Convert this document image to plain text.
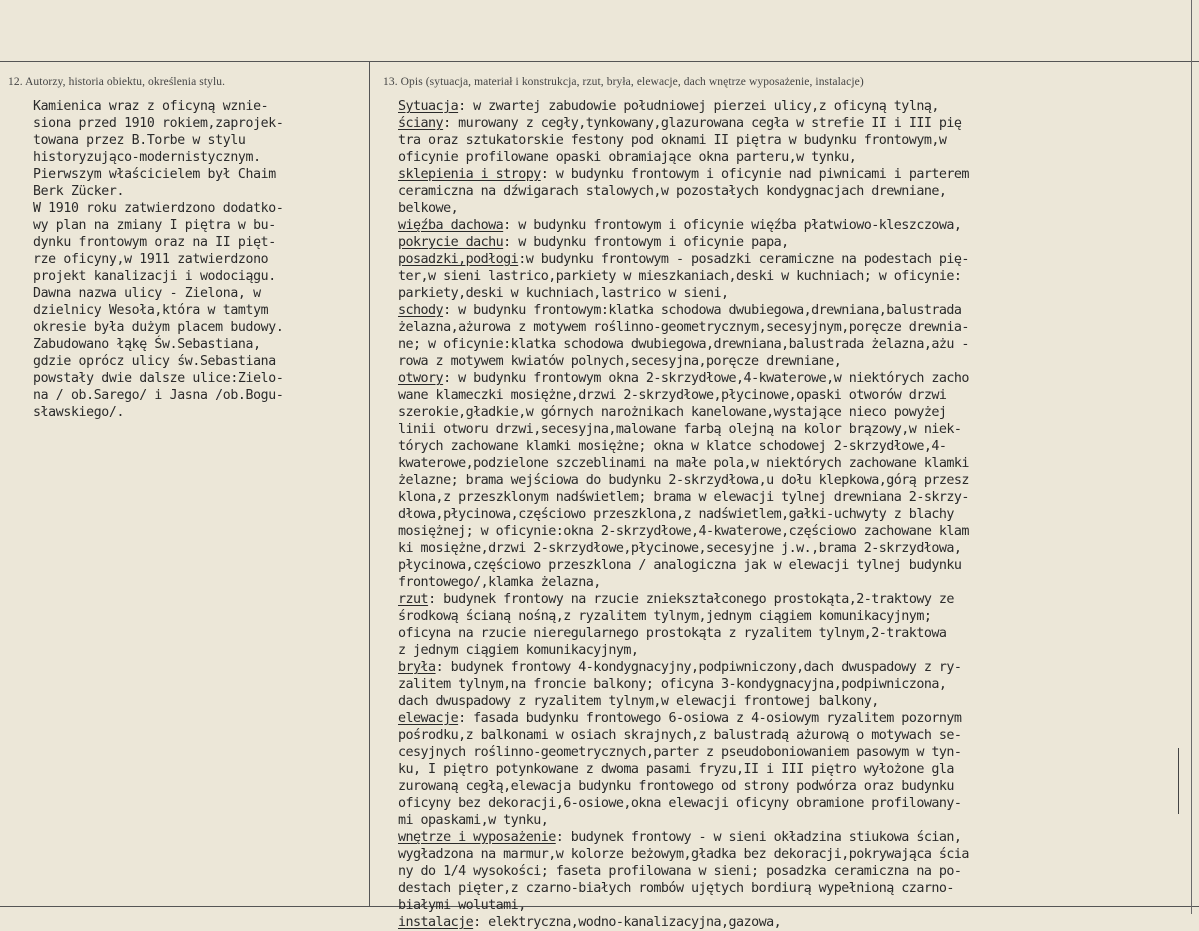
12. Autorzy, historia obiektu, określenia stylu.	13. Opis (sytuacja, materiał i konstrukcja, rzut, bryła, elewacje, dach wnętrze wyposażenie, instalacje)
Kamienica wraz z oficyną wznie-
siona przed 1910 rokiem,zaprojek-
towana przez B.Torbe w stylu
historyzująco-modernistycznym.
Pierwszym właścicielem był Chaim
Berk Zücker.
W 1910 roku zatwierdzono dodatko-
wy plan na zmiany I piętra w bu-
dynku frontowym oraz na II pięt-
rze oficyny,w 1911 zatwierdzono
projekt kanalizacji i wodociągu.
Dawna nazwa ulicy - Zielona, w
dzielnicy Wesoła,która w tamtym
okresie była dużym placem budowy.
Zabudowano łąkę Św.Sebastiana,
gdzie oprócz ulicy św.Sebastiana
powstały dwie dalsze ulice:Zielo-
na / ob.Sarego/ i Jasna /ob.Bogu-
sławskiego/.
Sytuacja: w zwartej zabudowie południowej pierzei ulicy,z oficyną tylną,
ściany: murowany z cegły,tynkowany,glazurowana cegła w strefie II i III pię
tra oraz sztukatorskie festony pod oknami II piętra w budynku frontowym,w
oficynie profilowane opaski obramiające okna parteru,w tynku,
sklepienia i stropy: w budynku frontowym i oficynie nad piwnicami i parterem
ceramiczna na dźwigarach stalowych,w pozostałych kondygnacjach drewniane,
belkowe,
więźba dachowa: w budynku frontowym i oficynie więźba płatwiowo-kleszczowa,
pokrycie dachu: w budynku frontowym i oficynie papa,
posadzki,podłogi:w budynku frontowym - posadzki ceramiczne na podestach pię-
ter,w sieni lastrico,parkiety w mieszkaniach,deski w kuchniach; w oficynie:
parkiety,deski w kuchniach,lastrico w sieni,
schody: w budynku frontowym:klatka schodowa dwubiegowa,drewniana,balustrada
żelazna,ażurowa z motywem roślinno-geometrycznym,secesyjnym,poręcze drewnia-
ne; w oficynie:klatka schodowa dwubiegowa,drewniana,balustrada żelazna,ażu -
rowa z motywem kwiatów polnych,secesyjna,poręcze drewniane,
otwory: w budynku frontowym okna 2-skrzydłowe,4-kwaterowe,w niektórych zacho
wane klameczki mosiężne,drzwi 2-skrzydłowe,płycinowe,opaski otworów drzwi
szerokie,gładkie,w górnych narożnikach kanelowane,wystające nieco powyżej
linii otworu drzwi,secesyjna,malowane farbą olejną na kolor brązowy,w niek-
tórych zachowane klamki mosiężne; okna w klatce schodowej 2-skrzydłowe,4-
kwaterowe,podzielone szczeblinami na małe pola,w niektórych zachowane klamki
żelazne; brama wejściowa do budynku 2-skrzydłowa,u dołu klepkowa,górą przesz
klona,z przeszklonym nadświetlem; brama w elewacji tylnej drewniana 2-skrzy-
dłowa,płycinowa,częściowo przeszklona,z nadświetlem,gałki-uchwyty z blachy
mosiężnej; w oficynie:okna 2-skrzydłowe,4-kwaterowe,częściowo zachowane klam
ki mosiężne,drzwi 2-skrzydłowe,płycinowe,secesyjne j.w.,brama 2-skrzydłowa,
płycinowa,częściowo przeszklona / analogiczna jak w elewacji tylnej budynku
frontowego/,klamka żelazna,
rzut: budynek frontowy na rzucie zniekształconego prostokąta,2-traktowy ze
środkową ścianą nośną,z ryzalitem tylnym,jednym ciągiem komunikacyjnym;
oficyna na rzucie nieregularnego prostokąta z ryzalitem tylnym,2-traktowa
z jednym ciągiem komunikacyjnym,
bryła: budynek frontowy 4-kondygnacyjny,podpiwniczony,dach dwuspadowy z ry-
zalitem tylnym,na froncie balkony; oficyna 3-kondygnacyjna,podpiwniczona,
dach dwuspadowy z ryzalitem tylnym,w elewacji frontowej balkony,
elewacje: fasada budynku frontowego 6-osiowa z 4-osiowym ryzalitem pozornym
pośrodku,z balkonami w osiach skrajnych,z balustradą ażurową o motywach se-
cesyjnych roślinno-geometrycznych,parter z pseudoboniowaniem pasowym w tyn-
ku, I piętro potynkowane z dwoma pasami fryzu,II i III piętro wyłożone gla
zurowaną cegłą,elewacja budynku frontowego od strony podwórza oraz budynku
oficyny bez dekoracji,6-osiowe,okna elewacji oficyny obramione profilowany-
mi opaskami,w tynku,
wnętrze i wyposażenie: budynek frontowy - w sieni okładzina stiukowa ścian,
wygładzona na marmur,w kolorze beżowym,gładka bez dekoracji,pokrywająca ścia
ny do 1/4 wysokości; faseta profilowana w sieni; posadzka ceramiczna na po-
destach pięter,z czarno-białych rombów ujętych bordiurą wypełnioną czarno-
białymi wolutami,
instalacje: elektryczna,wodno-kanalizacyjna,gazowa,
